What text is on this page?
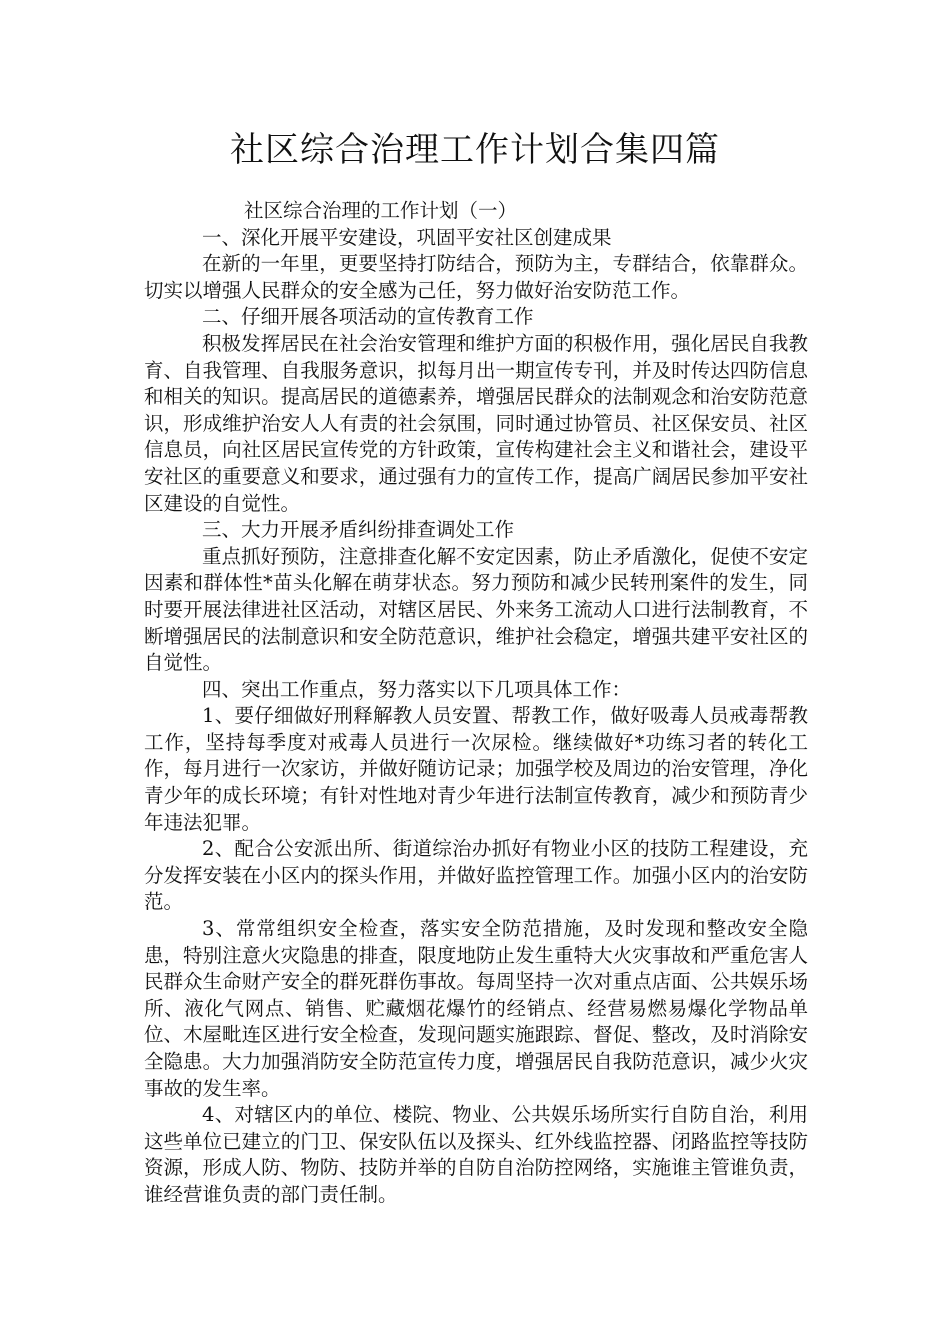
社区综合治理工作计划合集四篇

社区综合治理的工作计划（一）

一、深化开展平安建设，巩固平安社区创建成果

在新的一年里，更要坚持打防结合，预防为主，专群结合，依靠群众。切实以增强人民群众的安全感为己任，努力做好治安防范工作。

二、仔细开展各项活动的宣传教育工作

积极发挥居民在社会治安管理和维护方面的积极作用，强化居民自我教育、自我管理、自我服务意识，拟每月出一期宣传专刊，并及时传达四防信息和相关的知识。提高居民的道德素养，增强居民群众的法制观念和治安防范意识，形成维护治安人人有责的社会氛围，同时通过协管员、社区保安员、社区信息员，向社区居民宣传党的方针政策，宣传构建社会主义和谐社会，建设平安社区的重要意义和要求，通过强有力的宣传工作，提高广阔居民参加平安社区建设的自觉性。

三、大力开展矛盾纠纷排查调处工作

重点抓好预防，注意排查化解不安定因素，防止矛盾激化，促使不安定因素和群体性*苗头化解在萌芽状态。努力预防和减少民转刑案件的发生，同时要开展法律进社区活动，对辖区居民、外来务工流动人口进行法制教育，不断增强居民的法制意识和安全防范意识，维护社会稳定，增强共建平安社区的自觉性。

四、突出工作重点，努力落实以下几项具体工作：

1、要仔细做好刑释解教人员安置、帮教工作，做好吸毒人员戒毒帮教工作，坚持每季度对戒毒人员进行一次尿检。继续做好*功练习者的转化工作，每月进行一次家访，并做好随访记录；加强学校及周边的治安管理，净化青少年的成长环境；有针对性地对青少年进行法制宣传教育，减少和预防青少年违法犯罪。

2、配合公安派出所、街道综治办抓好有物业小区的技防工程建设，充分发挥安装在小区内的探头作用，并做好监控管理工作。加强小区内的治安防范。

3、常常组织安全检查，落实安全防范措施，及时发现和整改安全隐患，特别注意火灾隐患的排查，限度地防止发生重特大火灾事故和严重危害人民群众生命财产安全的群死群伤事故。每周坚持一次对重点店面、公共娱乐场所、液化气网点、销售、贮藏烟花爆竹的经销点、经营易燃易爆化学物品单位、木屋毗连区进行安全检查，发现问题实施跟踪、督促、整改，及时消除安全隐患。大力加强消防安全防范宣传力度，增强居民自我防范意识，减少火灾事故的发生率。

4、对辖区内的单位、楼院、物业、公共娱乐场所实行自防自治，利用这些单位已建立的门卫、保安队伍以及探头、红外线监控器、闭路监控等技防资源，形成人防、物防、技防并举的自防自治防控网络，实施谁主管谁负责，谁经营谁负责的部门责任制。
